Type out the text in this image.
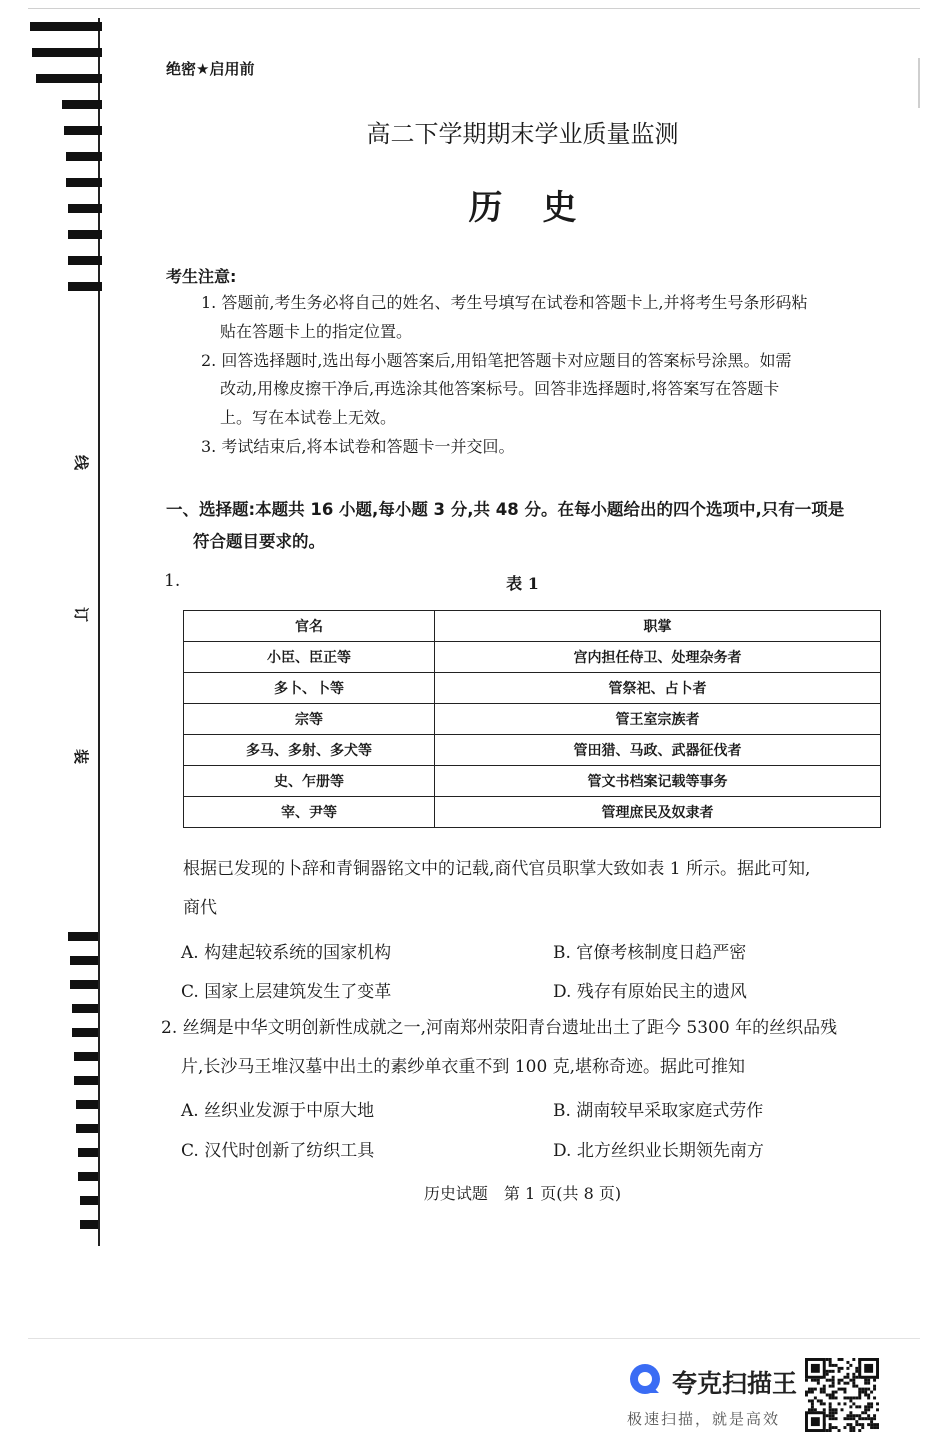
线
订
装
绝密★启用前
高二下学期期末学业质量监测
历史
考生注意:
1. 答题前,考生务必将自己的姓名、考生号填写在试卷和答题卡上,并将考生号条形码粘
贴在答题卡上的指定位置。
2. 回答选择题时,选出每小题答案后,用铅笔把答题卡对应题目的答案标号涂黑。如需
改动,用橡皮擦干净后,再选涂其他答案标号。回答非选择题时,将答案写在答题卡
上。写在本试卷上无效。
3. 考试结束后,将本试卷和答题卡一并交回。
一、选择题:本题共 16 小题,每小题 3 分,共 48 分。在每小题给出的四个选项中,只有一项是
符合题目要求的。
1.	表 1
官名	职掌
小臣、臣正等	宫内担任侍卫、处理杂务者
多卜、卜等	管祭祀、占卜者
宗等	管王室宗族者
多马、多射、多犬等	管田猎、马政、武器征伐者
史、乍册等	管文书档案记载等事务
宰、尹等	管理庶民及奴隶者
根据已发现的卜辞和青铜器铭文中的记载,商代官员职掌大致如表 1 所示。据此可知,
商代
A. 构建起较系统的国家机构	B. 官僚考核制度日趋严密
C. 国家上层建筑发生了变革	D. 残存有原始民主的遗风
2. 丝绸是中华文明创新性成就之一,河南郑州荥阳青台遗址出土了距今 5300 年的丝织品残
片,长沙马王堆汉墓中出土的素纱单衣重不到 100 克,堪称奇迹。据此可推知
A. 丝织业发源于中原大地	B. 湖南较早采取家庭式劳作
C. 汉代时创新了纺织工具	D. 北方丝织业长期领先南方
历史试题　第 1 页(共 8 页)
夸克扫描王
极速扫描，就是高效
